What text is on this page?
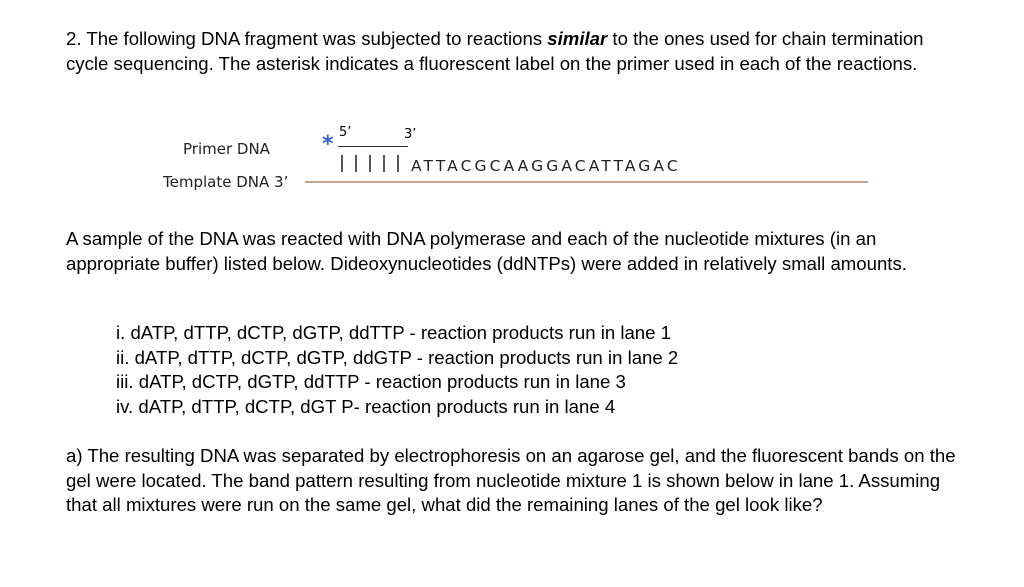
2. The following DNA fragment was subjected to reactions similar to the ones used for chain termination cycle sequencing. The asterisk indicates a fluorescent label on the primer used in each of the reactions.

Primer DNA
Template DNA 3’
5’	3’
*
ATTACGCAAGGACATTAGAC

A sample of the DNA was reacted with DNA polymerase and each of the nucleotide mixtures (in an appropriate buffer) listed below. Dideoxynucleotides (ddNTPs) were added in relatively small amounts.

i. dATP, dTTP, dCTP, dGTP, ddTTP - reaction products run in lane 1
ii. dATP, dTTP, dCTP, dGTP, ddGTP - reaction products run in lane 2
iii. dATP, dCTP, dGTP, ddTTP - reaction products run in lane 3
iv. dATP, dTTP, dCTP, dGT P- reaction products run in lane 4

a) The resulting DNA was separated by electrophoresis on an agarose gel, and the fluorescent bands on the gel were located. The band pattern resulting from nucleotide mixture 1 is shown below in lane 1. Assuming that all mixtures were run on the same gel, what did the remaining lanes of the gel look like?
